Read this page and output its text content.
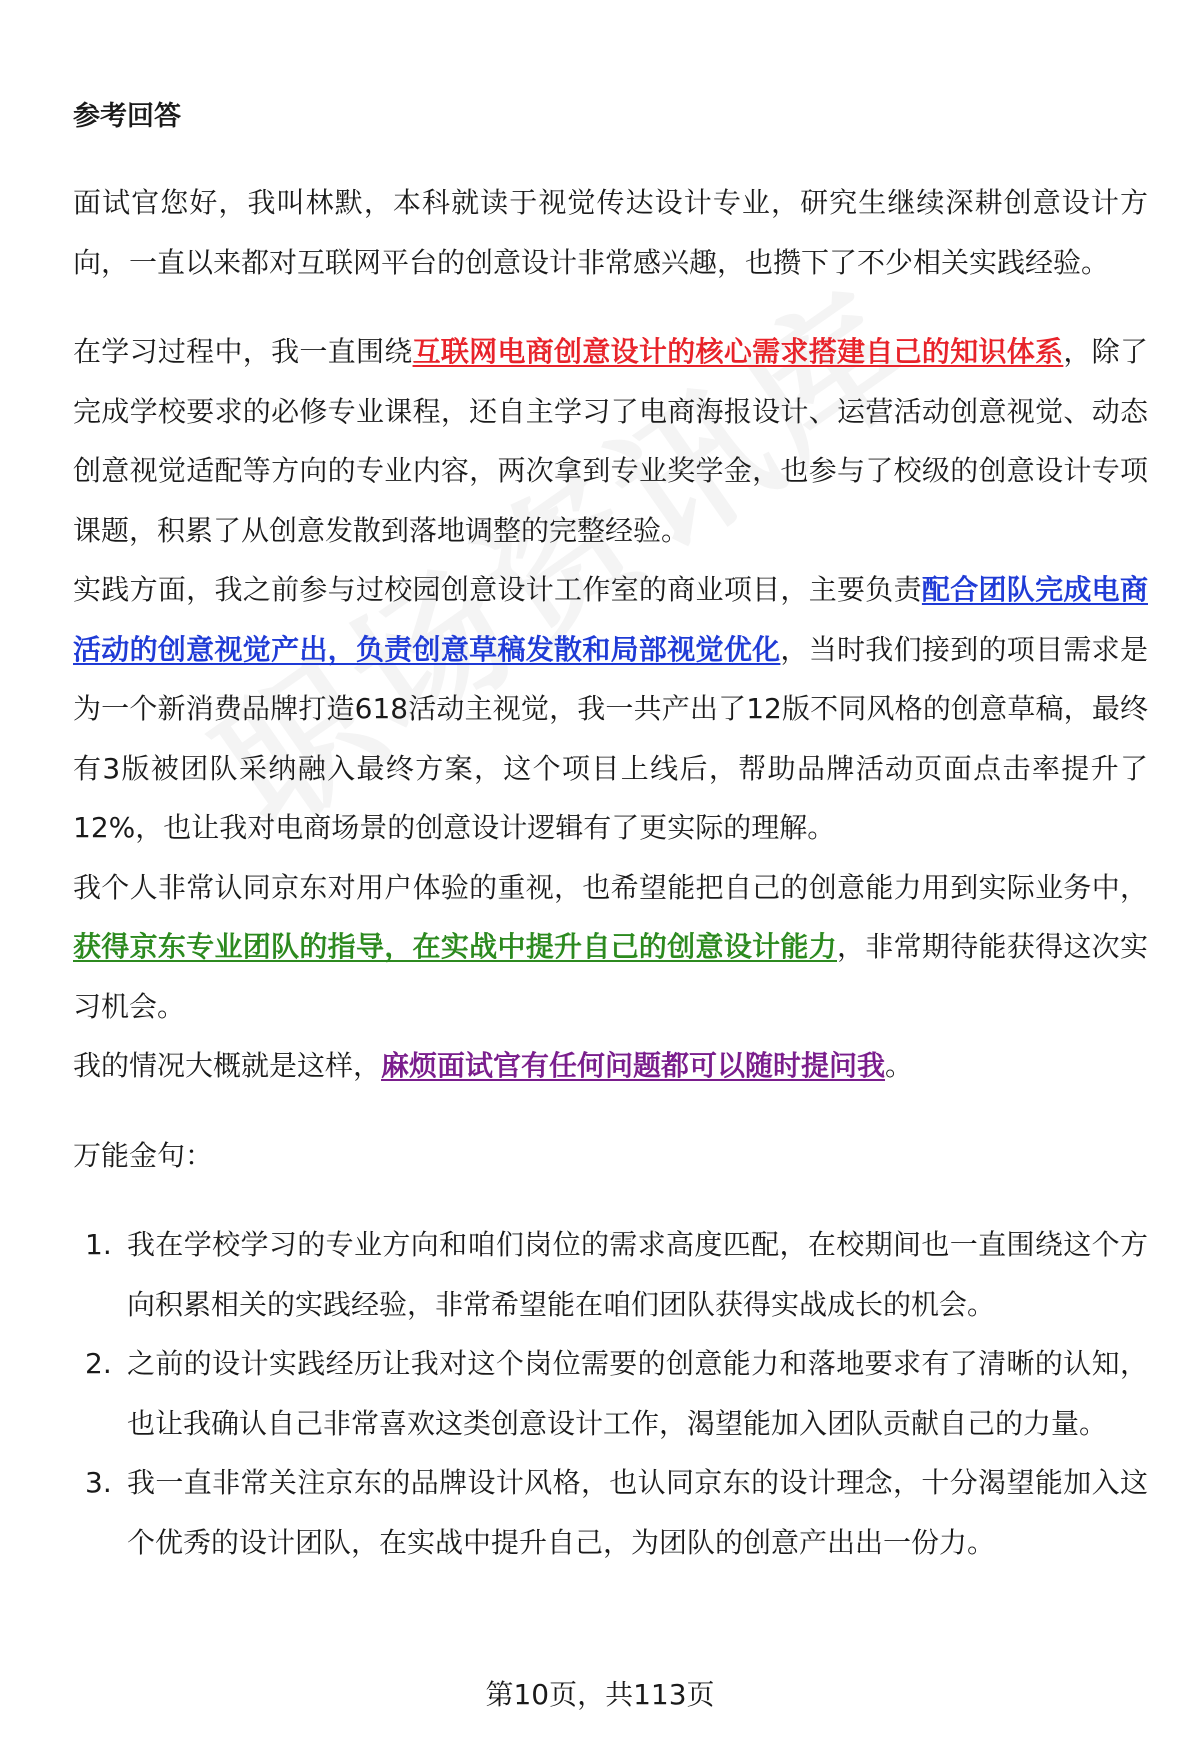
参考回答

面试官您好，我叫林默，本科就读于视觉传达设计专业，研究生继续深耕创意设计方向，一直以来都对互联网平台的创意设计非常感兴趣，也攒下了不少相关实践经验。

在学习过程中，我一直围绕互联网电商创意设计的核心需求搭建自己的知识体系，除了完成学校要求的必修专业课程，还自主学习了电商海报设计、运营活动创意视觉、动态创意视觉适配等方向的专业内容，两次拿到专业奖学金，也参与了校级的创意设计专项课题，积累了从创意发散到落地调整的完整经验。

实践方面，我之前参与过校园创意设计工作室的商业项目，主要负责配合团队完成电商活动的创意视觉产出，负责创意草稿发散和局部视觉优化，当时我们接到的项目需求是为一个新消费品牌打造618活动主视觉，我一共产出了12版不同风格的创意草稿，最终有3版被团队采纳融入最终方案，这个项目上线后，帮助品牌活动页面点击率提升了12%，也让我对电商场景的创意设计逻辑有了更实际的理解。

我个人非常认同京东对用户体验的重视，也希望能把自己的创意能力用到实际业务中，获得京东专业团队的指导，在实战中提升自己的创意设计能力，非常期待能获得这次实习机会。

我的情况大概就是这样，麻烦面试官有任何问题都可以随时提问我。

万能金句：

1. 我在学校学习的专业方向和咱们岗位的需求高度匹配，在校期间也一直围绕这个方向积累相关的实践经验，非常希望能在咱们团队获得实战成长的机会。
2. 之前的设计实践经历让我对这个岗位需要的创意能力和落地要求有了清晰的认知，也让我确认自己非常喜欢这类创意设计工作，渴望能加入团队贡献自己的力量。
3. 我一直非常关注京东的品牌设计风格，也认同京东的设计理念，十分渴望能加入这个优秀的设计团队，在实战中提升自己，为团队的创意产出出一份力。
第10页，共113页
